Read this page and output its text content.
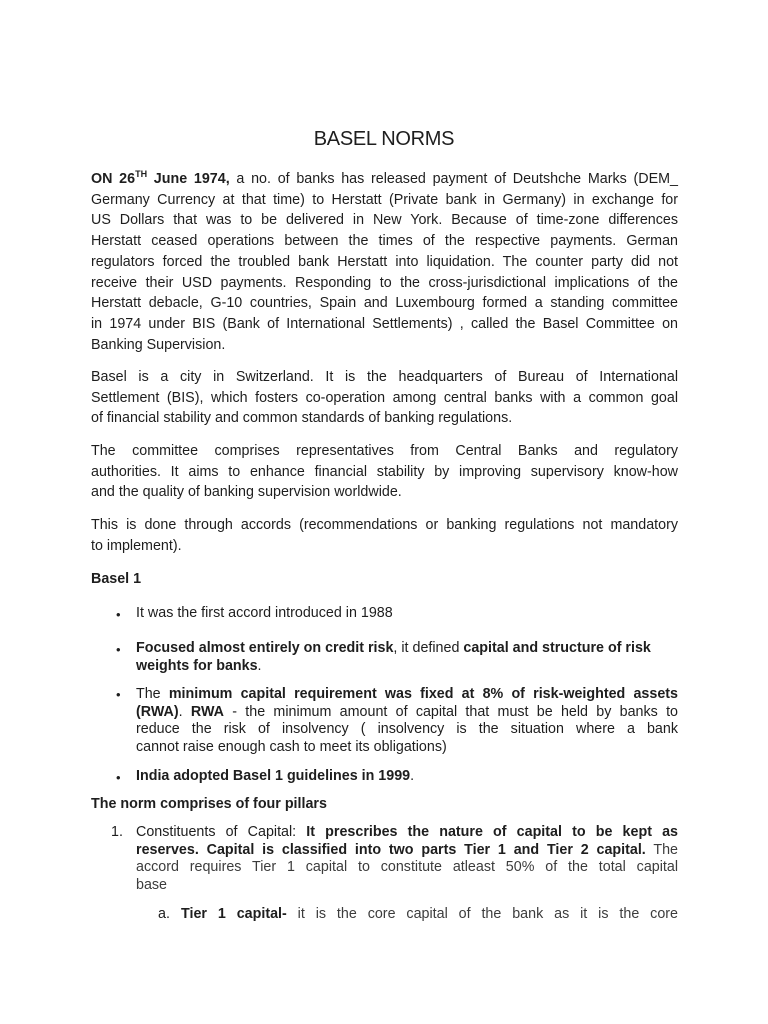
BASEL NORMS
ON 26TH June 1974, a no. of banks has released payment of Deutshche Marks (DEM_
Germany Currency at that time) to Herstatt (Private bank in Germany) in exchange for
US Dollars that was to be delivered in New York. Because of time-zone differences
Herstatt ceased operations between the times of the respective payments. German
regulators forced the troubled bank Herstatt into liquidation. The counter party did not
receive their USD payments. Responding to the cross-jurisdictional implications of the
Herstatt debacle, G-10 countries, Spain and Luxembourg formed a standing committee
in 1974 under BIS (Bank of International Settlements) , called the Basel Committee on
Banking Supervision.
Basel is a city in Switzerland. It is the headquarters of Bureau of International
Settlement (BIS), which fosters co-operation among central banks with a common goal
of financial stability and common standards of banking regulations.
The committee comprises representatives from Central Banks and regulatory
authorities. It aims to enhance financial stability by improving supervisory know-how
and the quality of banking supervision worldwide.
This is done through accords (recommendations or banking regulations not mandatory
to implement).
Basel 1
• It was the first accord introduced in 1988
• Focused almost entirely on credit risk, it defined capital and structure of risk
weights for banks.
• The minimum capital requirement was fixed at 8% of risk-weighted assets
(RWA). RWA - the minimum amount of capital that must be held by banks to
reduce the risk of insolvency ( insolvency is the situation where a bank
cannot raise enough cash to meet its obligations)
• India adopted Basel 1 guidelines in 1999.
The norm comprises of four pillars
1. Constituents of Capital: It prescribes the nature of capital to be kept as
reserves. Capital is classified into two parts Tier 1 and Tier 2 capital. The
accord requires Tier 1 capital to constitute atleast 50% of the total capital
base
a. Tier 1 capital- it is the core capital of the bank as it is the core
